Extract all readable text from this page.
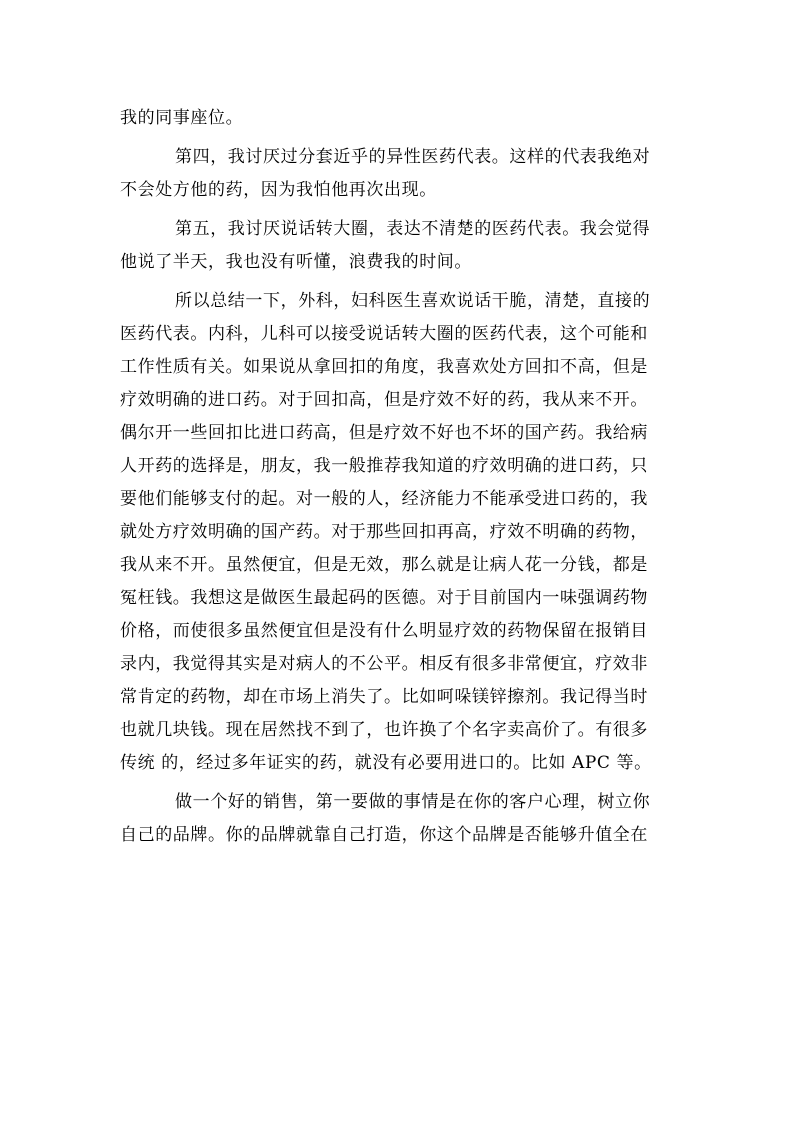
我的同事座位。
第四，我讨厌过分套近乎的异性医药代表。这样的代表我绝对
不会处方他的药，因为我怕他再次出现。
第五，我讨厌说话转大圈，表达不清楚的医药代表。我会觉得
他说了半天，我也没有听懂，浪费我的时间。
所以总结一下，外科，妇科医生喜欢说话干脆，清楚，直接的
医药代表。内科，儿科可以接受说话转大圈的医药代表，这个可能和
工作性质有关。如果说从拿回扣的角度，我喜欢处方回扣不高，但是
疗效明确的进口药。对于回扣高，但是疗效不好的药，我从来不开。
偶尔开一些回扣比进口药高，但是疗效不好也不坏的国产药。我给病
人开药的选择是，朋友，我一般推荐我知道的疗效明确的进口药，只
要他们能够支付的起。对一般的人，经济能力不能承受进口药的，我
就处方疗效明确的国产药。对于那些回扣再高，疗效不明确的药物，
我从来不开。虽然便宜，但是无效，那么就是让病人花一分钱，都是
冤枉钱。我想这是做医生最起码的医德。对于目前国内一味强调药物
价格，而使很多虽然便宜但是没有什么明显疗效的药物保留在报销目
录内，我觉得其实是对病人的不公平。相反有很多非常便宜，疗效非
常肯定的药物，却在市场上消失了。比如呵哚镁锌擦剂。我记得当时
也就几块钱。现在居然找不到了，也许换了个名字卖高价了。有很多
传统 的，经过多年证实的药，就没有必要用进口的。比如 APC 等。
做一个好的销售，第一要做的事情是在你的客户心理，树立你
自己的品牌。你的品牌就靠自己打造，你这个品牌是否能够升值全在
